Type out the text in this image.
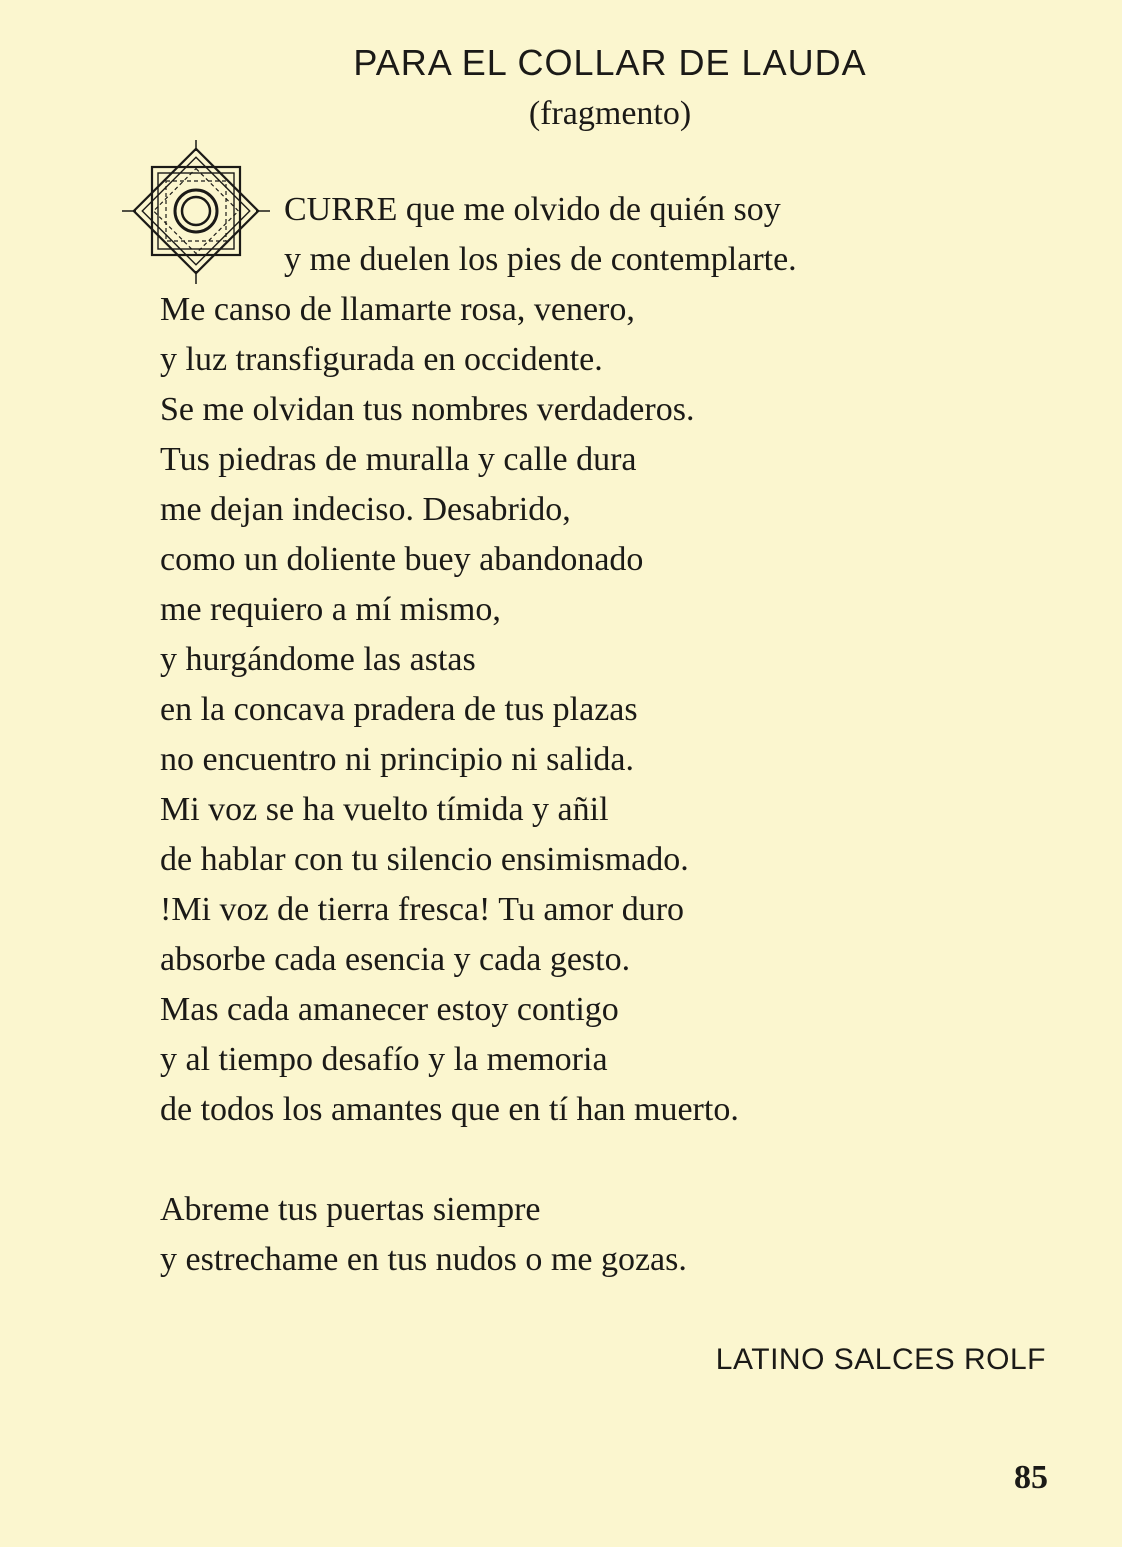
PARA EL COLLAR DE LAUDA
(fragmento)
CURRE que me olvido de quién soy
y me duelen los pies de contemplarte.
Me canso de llamarte rosa, venero,
y luz transfigurada en occidente.
Se me olvidan tus nombres verdaderos.
Tus piedras de muralla y calle dura
me dejan indeciso. Desabrido,
como un doliente buey abandonado
me requiero a mí mismo,
y hurgándome las astas
en la concava pradera de tus plazas
no encuentro ni principio ni salida.
Mi voz se ha vuelto tímida y añil
de hablar con tu silencio ensimismado.
!Mi voz de tierra fresca! Tu amor duro
absorbe cada esencia y cada gesto.
Mas cada amanecer estoy contigo
y al tiempo desafío y la memoria
de todos los amantes que en tí han muerto.
Abreme tus puertas siempre
y estrechame en tus nudos o me gozas.
LATINO SALCES ROLF
85
